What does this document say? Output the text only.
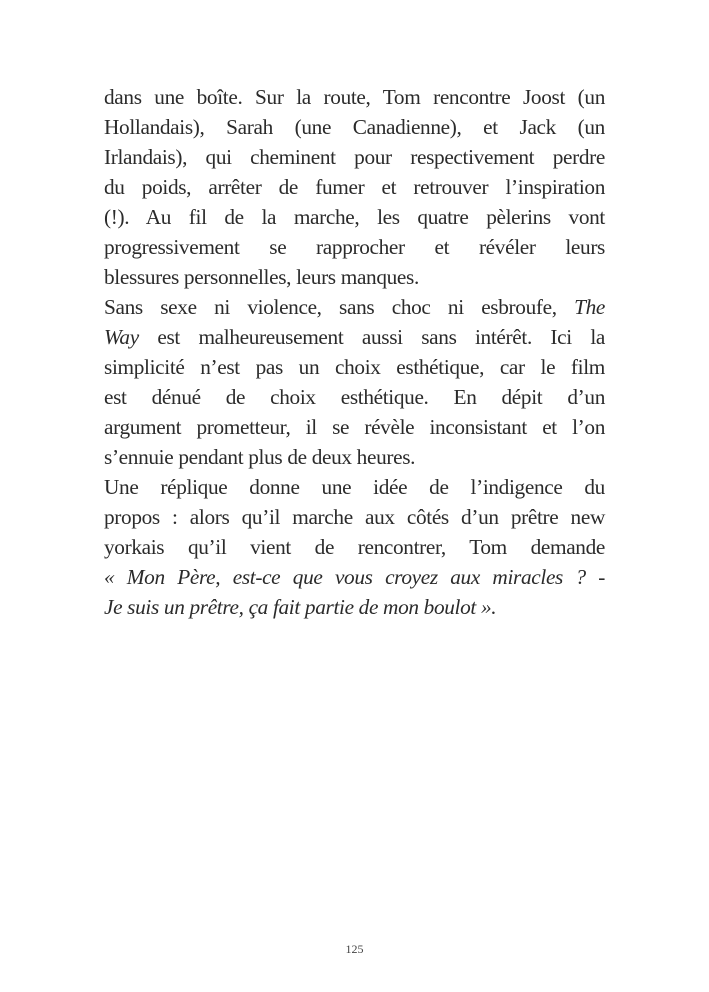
dans une boîte. Sur la route, Tom rencontre Joost (un
Hollandais), Sarah (une Canadienne), et Jack (un
Irlandais), qui cheminent pour respectivement perdre
du poids, arrêter de fumer et retrouver l’inspiration
(!). Au fil de la marche, les quatre pèlerins vont
progressivement se rapprocher et révéler leurs
blessures personnelles, leurs manques.
Sans sexe ni violence, sans choc ni esbroufe, The
Way est malheureusement aussi sans intérêt. Ici la
simplicité n’est pas un choix esthétique, car le film
est dénué de choix esthétique. En dépit d’un
argument prometteur, il se révèle inconsistant et l’on
s’ennuie pendant plus de deux heures.
Une réplique donne une idée de l’indigence du
propos : alors qu’il marche aux côtés d’un prêtre new
yorkais qu’il vient de rencontrer, Tom demande
« Mon Père, est-ce que vous croyez aux miracles ? -
Je suis un prêtre, ça fait partie de mon boulot ».
125
